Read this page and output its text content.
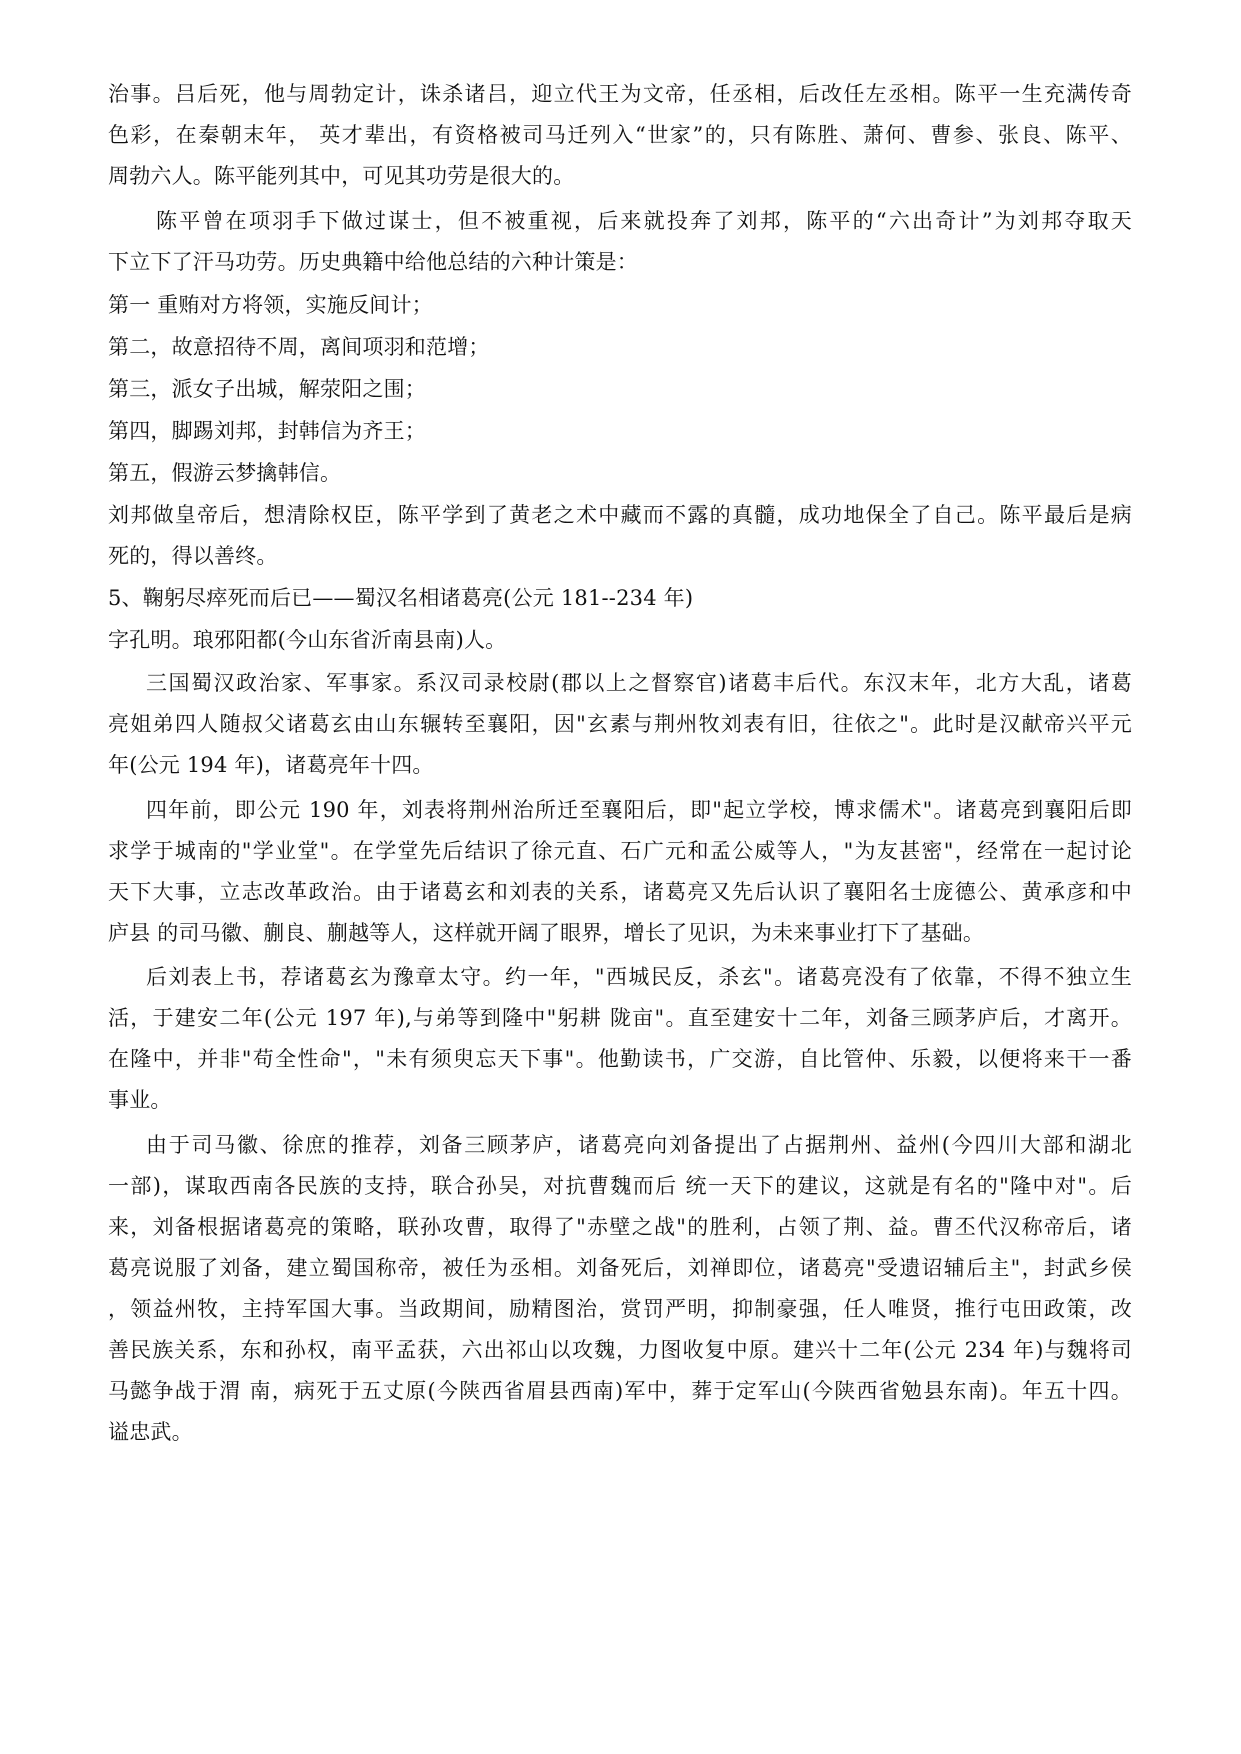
治事。吕后死，他与周勃定计，诛杀诸吕，迎立代王为文帝，任丞相，后改任左丞相。陈平一生充满传奇
色彩，在秦朝末年， 英才辈出，有资格被司马迁列入“世家”的，只有陈胜、萧何、曹参、张良、陈平、
周勃六人。陈平能列其中，可见其功劳是很大的。
陈平曾在项羽手下做过谋士，但不被重视，后来就投奔了刘邦，陈平的“六出奇计”为刘邦夺取天
下立下了汗马功劳。历史典籍中给他总结的六种计策是：
第一 重贿对方将领，实施反间计；
第二，故意招待不周，离间项羽和范增；
第三，派女子出城，解荥阳之围；
第四，脚踢刘邦，封韩信为齐王；
第五，假游云梦擒韩信。
刘邦做皇帝后，想清除权臣，陈平学到了黄老之术中藏而不露的真髓，成功地保全了自己。陈平最后是病
死的，得以善终。
5、鞠躬尽瘁死而后已——蜀汉名相诸葛亮(公元 181--234 年)
字孔明。琅邪阳都(今山东省沂南县南)人。
三国蜀汉政治家、军事家。系汉司录校尉(郡以上之督察官)诸葛丰后代。东汉末年，北方大乱，诸葛
亮姐弟四人随叔父诸葛玄由山东辗转至襄阳，因"玄素与荆州牧刘表有旧，往依之"。此时是汉献帝兴平元
年(公元 194 年)，诸葛亮年十四。
四年前，即公元 190 年，刘表将荆州治所迁至襄阳后，即"起立学校，博求儒术"。诸葛亮到襄阳后即
求学于城南的"学业堂"。在学堂先后结识了徐元直、石广元和孟公威等人，"为友甚密"，经常在一起讨论
天下大事，立志改革政治。由于诸葛玄和刘表的关系，诸葛亮又先后认识了襄阳名士庞德公、黄承彦和中
庐县 的司马徽、蒯良、蒯越等人，这样就开阔了眼界，增长了见识，为未来事业打下了基础。
后刘表上书，荐诸葛玄为豫章太守。约一年，"西城民反，杀玄"。诸葛亮没有了依靠，不得不独立生
活，于建安二年(公元 197 年),与弟等到隆中"躬耕 陇亩"。直至建安十二年，刘备三顾茅庐后，才离开。
在隆中，并非"苟全性命"，"未有须臾忘天下事"。他勤读书，广交游，自比管仲、乐毅，以便将来干一番
事业。
由于司马徽、徐庶的推荐，刘备三顾茅庐，诸葛亮向刘备提出了占据荆州、益州(今四川大部和湖北
一部)，谋取西南各民族的支持，联合孙吴，对抗曹魏而后 统一天下的建议，这就是有名的"隆中对"。后
来，刘备根据诸葛亮的策略，联孙攻曹，取得了"赤壁之战"的胜利，占领了荆、益。曹丕代汉称帝后，诸
葛亮说服了刘备，建立蜀国称帝，被任为丞相。刘备死后，刘禅即位，诸葛亮"受遗诏辅后主"，封武乡侯
，领益州牧，主持军国大事。当政期间，励精图治，赏罚严明，抑制豪强，任人唯贤，推行屯田政策，改
善民族关系，东和孙权，南平孟获，六出祁山以攻魏，力图收复中原。建兴十二年(公元 234 年)与魏将司
马懿争战于渭 南，病死于五丈原(今陕西省眉县西南)军中，葬于定军山(今陕西省勉县东南)。年五十四。
谥忠武。
